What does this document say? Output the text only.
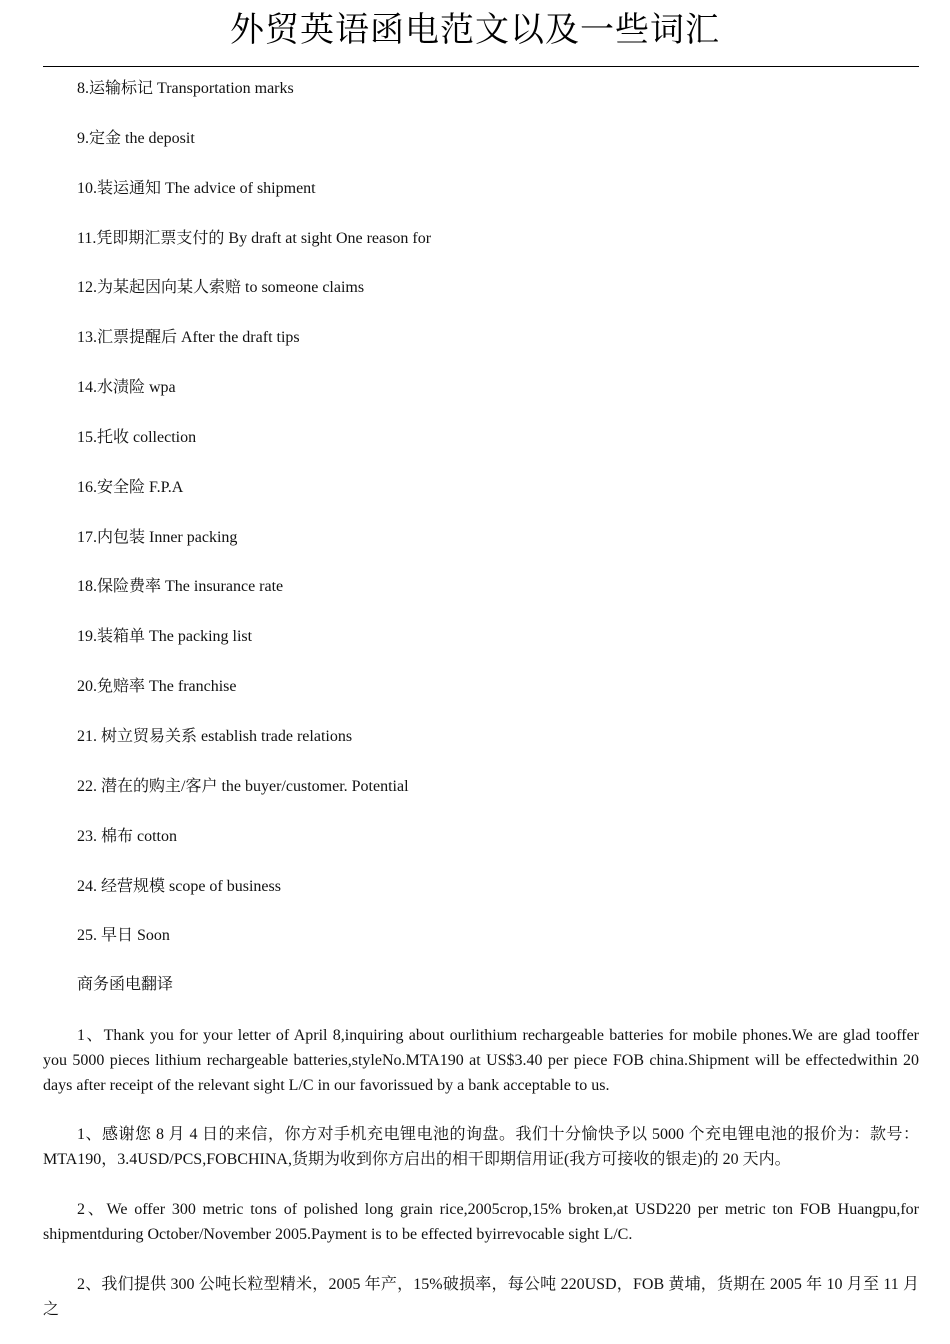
外贸英语函电范文以及一些词汇
8.运输标记 Transportation marks
9.定金 the deposit
10.装运通知 The advice of shipment
11.凭即期汇票支付的 By draft at sight One reason for
12.为某起因向某人索赔 to someone claims
13.汇票提醒后 After the draft tips
14.水渍险 wpa
15.托收 collection
16.安全险 F.P.A
17.内包装 Inner packing
18.保险费率 The insurance rate
19.装箱单 The packing list
20.免赔率 The franchise
21. 树立贸易关系 establish trade relations
22. 潜在的购主/客户 the buyer/customer. Potential
23. 棉布 cotton
24. 经营规模 scope of business
25. 早日 Soon
商务函电翻译

1、Thank you for your letter of April 8,inquiring about ourlithium rechargeable batteries for mobile phones.We are glad tooffer you 5000 pieces lithium rechargeable batteries,styleNo.MTA190 at US$3.40 per piece FOB china.Shipment will be effectedwithin 20 days after receipt of the relevant sight L/C in our favorissued by a bank acceptable to us.

1、感谢您 8 月 4 日的来信，你方对手机充电锂电池的询盘。我们十分愉快予以 5000 个充电锂电池的报价为：款号：MTA190，3.4USD/PCS,FOBCHINA,货期为收到你方启出的相干即期信用证(我方可接收的银走)的 20 天内。

2、We offer 300 metric tons of polished long grain rice,2005crop,15% broken,at USD220 per metric ton FOB Huangpu,for shipmentduring October/November 2005.Payment is to be effected byirrevocable sight L/C.

2、我们提供 300 公吨长粒型精米，2005 年产，15%破损率，每公吨 220USD，FOB 黄埔，货期在 2005 年 10 月至 11 月之
